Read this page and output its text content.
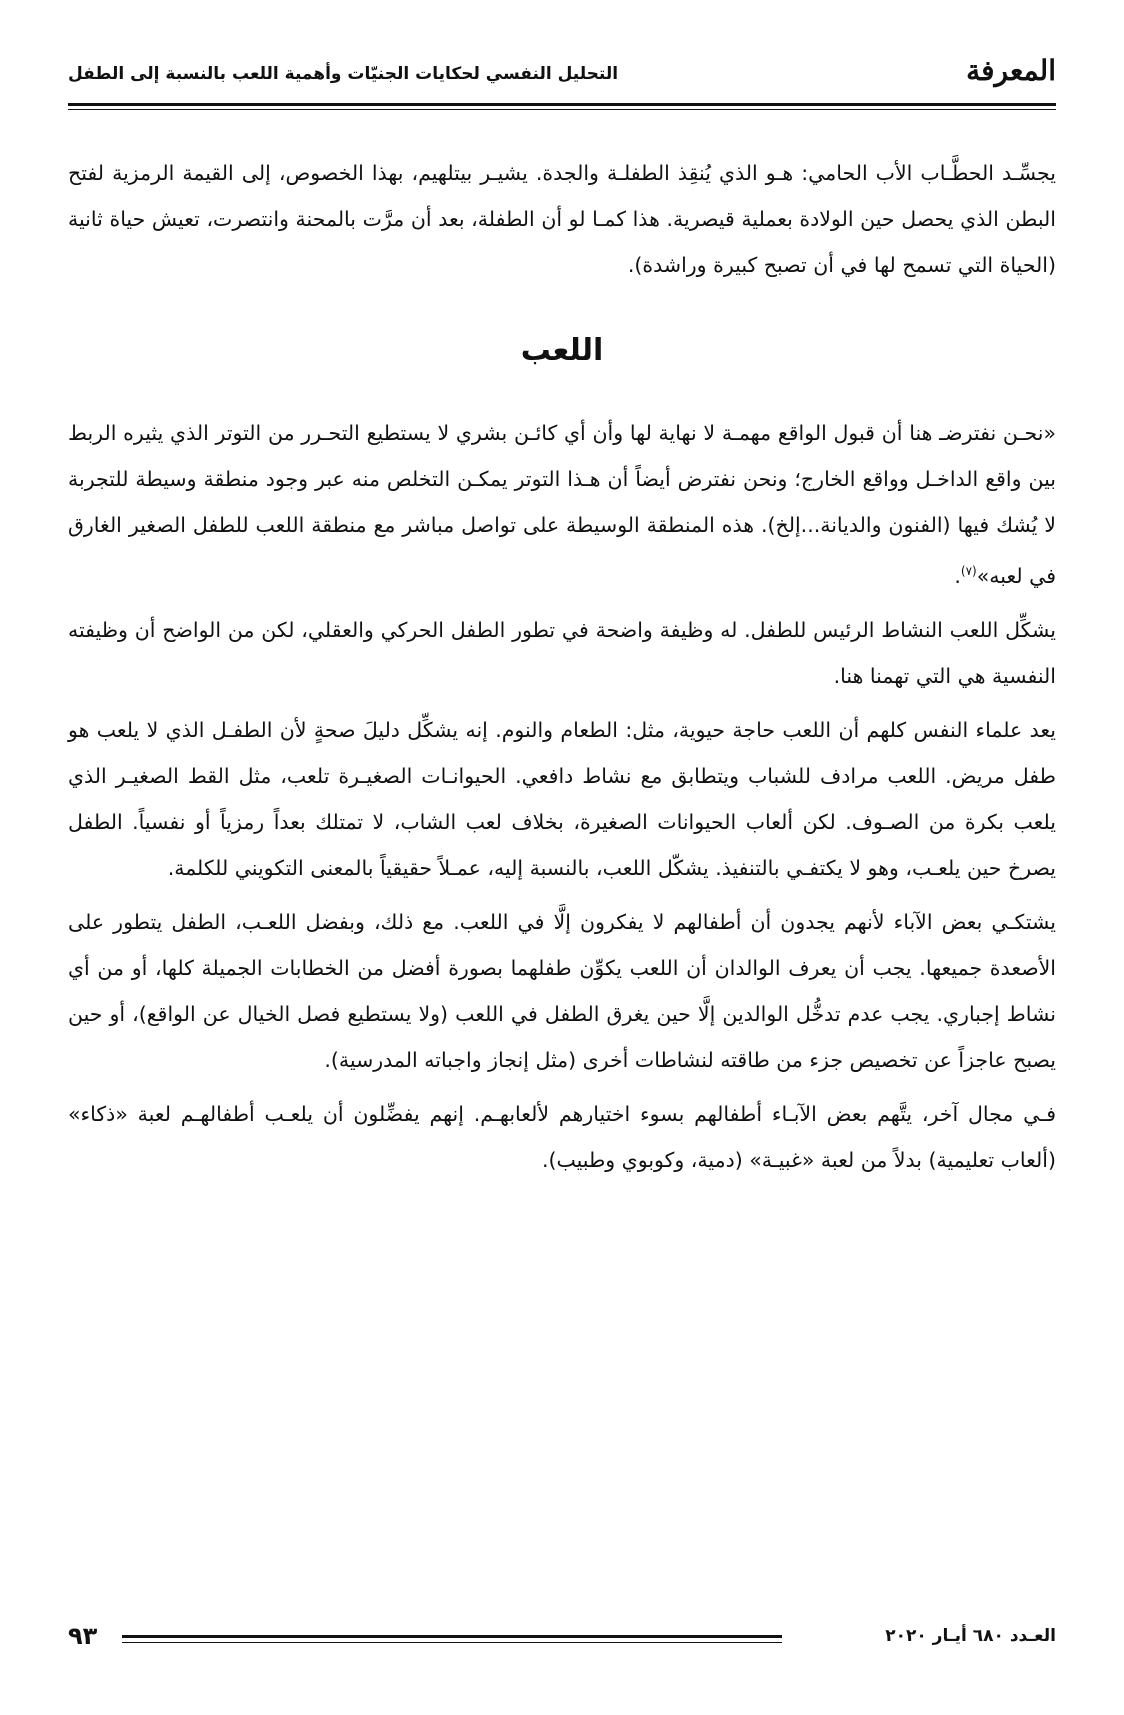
المعرفة
التحليل النفسي لحكايات الجنيّات وأهمية اللعب بالنسبة إلى الطفل

يجسِّـد الحطَّـاب الأب الحامي: هـو الذي يُنقِذ الطفلـة والجدة. يشيـر بيتلهيم، بهذا الخصوص، إلى القيمة الرمزية لفتح البطن الذي يحصل حين الولادة بعملية قيصرية. هذا كمـا لو أن الطفلة، بعد أن مرَّت بالمحنة وانتصرت، تعيش حياة ثانية (الحياة التي تسمح لها في أن تصبح كبيرة وراشدة).

اللعب

«نحـن نفترضـ هنا أن قبول الواقع مهمـة لا نهاية لها وأن أي كائـن بشري لا يستطيع التحـرر من التوتر الذي يثيره الربط بين واقع الداخـل وواقع الخارج؛ ونحن نفترض أيضاً أن هـذا التوتر يمكـن التخلص منه عبر وجود منطقة وسيطة للتجربة لا يُشك فيها (الفنون والديانة...إلخ). هذه المنطقة الوسيطة على تواصل مباشر مع منطقة اللعب للطفل الصغير الغارق في لعبه»$^{(٧)}$.

يشكِّل اللعب النشاط الرئيس للطفل. له وظيفة واضحة في تطور الطفل الحركي والعقلي، لكن من الواضح أن وظيفته النفسية هي التي تهمنا هنا.

يعد علماء النفس كلهم أن اللعب حاجة حيوية، مثل: الطعام والنوم. إنه يشكِّل دليلَ صحةٍ لأن الطفـل الذي لا يلعب هو طفل مريض. اللعب مرادف للشباب ويتطابق مع نشاط دافعي. الحيوانـات الصغيـرة تلعب، مثل القط الصغيـر الذي يلعب بكرة من الصـوف. لكن ألعاب الحيوانات الصغيرة، بخلاف لعب الشاب، لا تمتلك بعداً رمزياً أو نفسياً. الطفل يصرخ حين يلعـب، وهو لا يكتفـي بالتنفيذ. يشكّل اللعب، بالنسبة إليه، عمـلاً حقيقياً بالمعنى التكويني للكلمة.

يشتكـي بعض الآباء لأنهم يجدون أن أطفالهم لا يفكرون إلَّا في اللعب. مع ذلك، وبفضل اللعـب، الطفل يتطور على الأصعدة جميعها. يجب أن يعرف الوالدان أن اللعب يكوِّن طفلهما بصورة أفضل من الخطابات الجميلة كلها، أو من أي نشاط إجباري. يجب عدم تدخُّل الوالدين إلَّا حين يغرق الطفل في اللعب (ولا يستطيع فصل الخيال عن الواقع)، أو حين يصبح عاجزاً عن تخصيص جزء من طاقته لنشاطات أخرى (مثل إنجاز واجباته المدرسية).

فـي مجال آخر، يتَّهم بعض الآبـاء أطفالهم بسوء اختيارهم لألعابهـم. إنهم يفضِّلون أن يلعـب أطفالهـم لعبة «ذكاء» (ألعاب تعليمية) بدلاً من لعبة «غبيـة» (دمية، وكوبوي وطبيب).

العـدد ٦٨٠ أيـار ٢٠٢٠
٩٣
